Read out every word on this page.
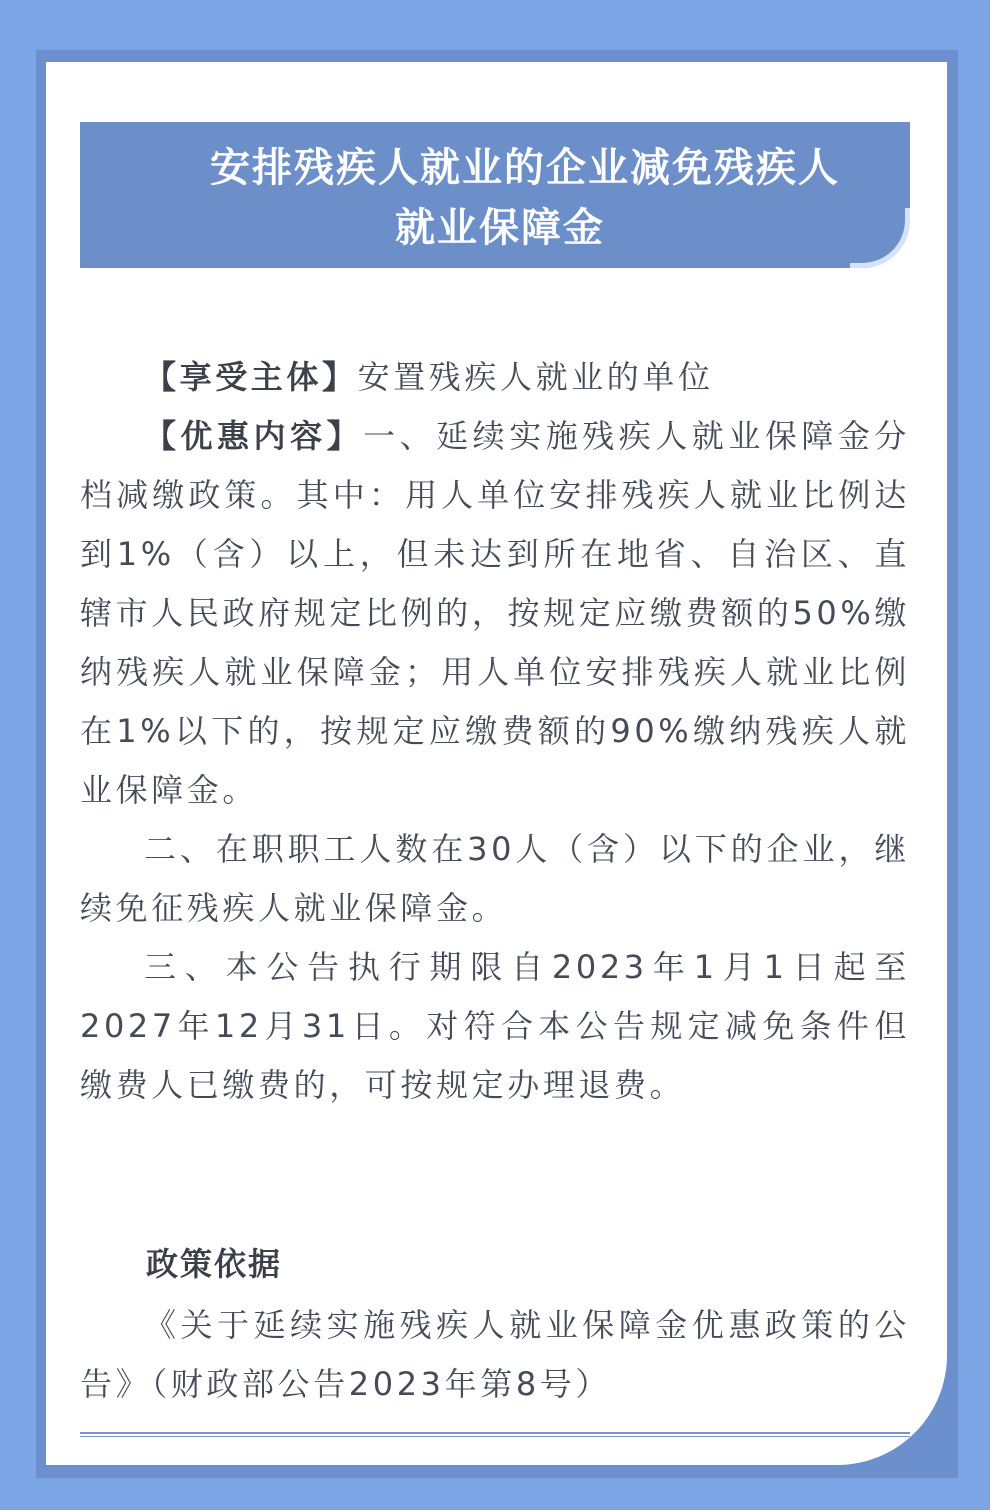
安排残疾人就业的企业减免残疾人
就业保障金

【享受主体】安置残疾人就业的单位

【优惠内容】一、延续实施残疾人就业保障金分档减缴政策。其中：用人单位安排残疾人就业比例达到1%（含）以上，但未达到所在地省、自治区、直辖市人民政府规定比例的，按规定应缴费额的50%缴纳残疾人就业保障金；用人单位安排残疾人就业比例在1%以下的，按规定应缴费额的90%缴纳残疾人就业保障金。

二、在职职工人数在30人（含）以下的企业，继续免征残疾人就业保障金。

三、本公告执行期限自2023年1月1日起至2027年12月31日。对符合本公告规定减免条件但缴费人已缴费的，可按规定办理退费。

政策依据
《关于延续实施残疾人就业保障金优惠政策的公告》（财政部公告2023年第8号）
